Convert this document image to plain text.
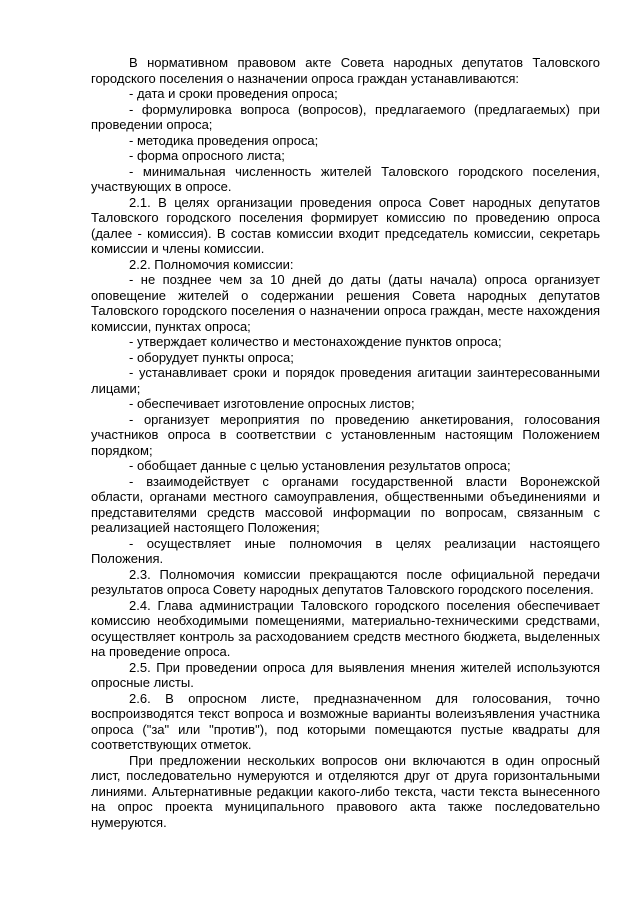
В нормативном правовом акте Совета народных депутатов Таловского городского поселения о назначении опроса граждан устанавливаются:

- дата и сроки проведения опроса;

- формулировка вопроса (вопросов), предлагаемого (предлагаемых) при проведении опроса;

- методика проведения опроса;

- форма опросного листа;

- минимальная численность жителей Таловского городского поселения, участвующих в опросе.

2.1. В целях организации проведения опроса Совет народных депутатов Таловского городского поселения формирует комиссию по проведению опроса (далее - комиссия). В состав комиссии входит председатель комиссии, секретарь комиссии и члены комиссии.

2.2. Полномочия комиссии:

- не позднее чем за 10 дней до даты (даты начала) опроса организует оповещение жителей о содержании решения Совета народных депутатов Таловского городского поселения о назначении опроса граждан, месте нахождения комиссии, пунктах опроса;

- утверждает количество и местонахождение пунктов опроса;

- оборудует пункты опроса;

- устанавливает сроки и порядок проведения агитации заинтересованными лицами;

- обеспечивает изготовление опросных листов;

- организует мероприятия по проведению анкетирования, голосования участников опроса в соответствии с установленным настоящим Положением порядком;

- обобщает данные с целью установления результатов опроса;

- взаимодействует с органами государственной власти Воронежской области, органами местного самоуправления, общественными объединениями и представителями средств массовой информации по вопросам, связанным с реализацией настоящего Положения;

- осуществляет иные полномочия в целях реализации настоящего Положения.

2.3. Полномочия комиссии прекращаются после официальной передачи результатов опроса Совету народных депутатов Таловского городского поселения.

2.4. Глава администрации Таловского городского поселения обеспечивает комиссию необходимыми помещениями, материально-техническими средствами, осуществляет контроль за расходованием средств местного бюджета, выделенных на проведение опроса.

2.5. При проведении опроса для выявления мнения жителей используются опросные листы.

2.6. В опросном листе, предназначенном для голосования, точно воспроизводятся текст вопроса и возможные варианты волеизъявления участника опроса ("за" или "против"), под которыми помещаются пустые квадраты для соответствующих отметок.

При предложении нескольких вопросов они включаются в один опросный лист, последовательно нумеруются и отделяются друг от друга горизонтальными линиями. Альтернативные редакции какого-либо текста, части текста вынесенного на опрос проекта муниципального правового акта также последовательно нумеруются.
